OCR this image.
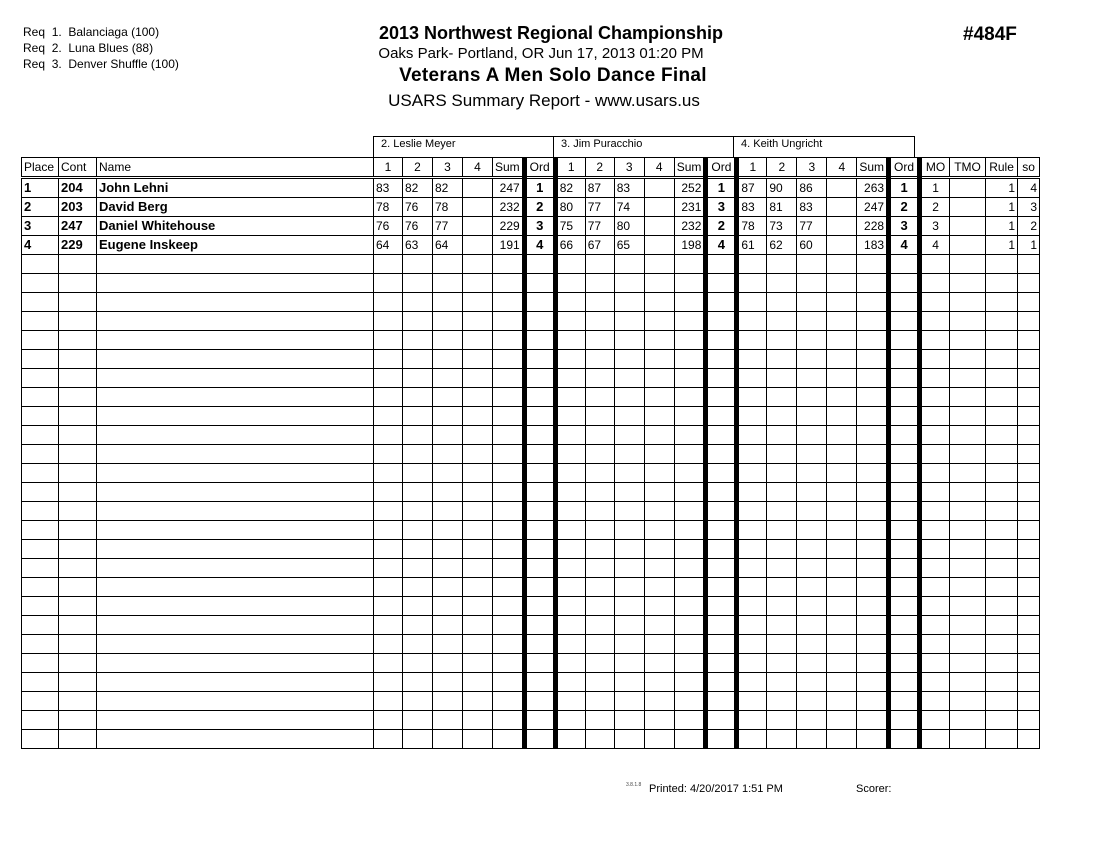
Req 1. Balanciaga (100)
Req 2. Luna Blues (88)
Req 3. Denver Shuffle (100)
2013 Northwest Regional Championship
Oaks Park- Portland, OR Jun 17, 2013 01:20 PM
Veterans A Men Solo Dance Final
USARS Summary Report - www.usars.us
#484F
2. Leslie Meyer	3. Jim Puracchio	4. Keith Ungricht
Place	Cont	Name	1	2	3	4	Sum	Ord	1	2	3	4	Sum	Ord	1	2	3	4	Sum	Ord	MO	TMO	Rule	so
1	204	John Lehni	83	82	82		247	1	82	87	83		252	1	87	90	86		263	1	1		1	4
2	203	David Berg	78	76	78		232	2	80	77	74		231	3	83	81	83		247	2	2		1	3
3	247	Daniel Whitehouse	76	76	77		229	3	75	77	80		232	2	78	73	77		228	3	3		1	2
4	229	Eugene Inskeep	64	63	64		191	4	66	67	65		198	4	61	62	60		183	4	4		1	1

3.8.1.8 Printed: 4/20/2017 1:51 PM	Scorer:
